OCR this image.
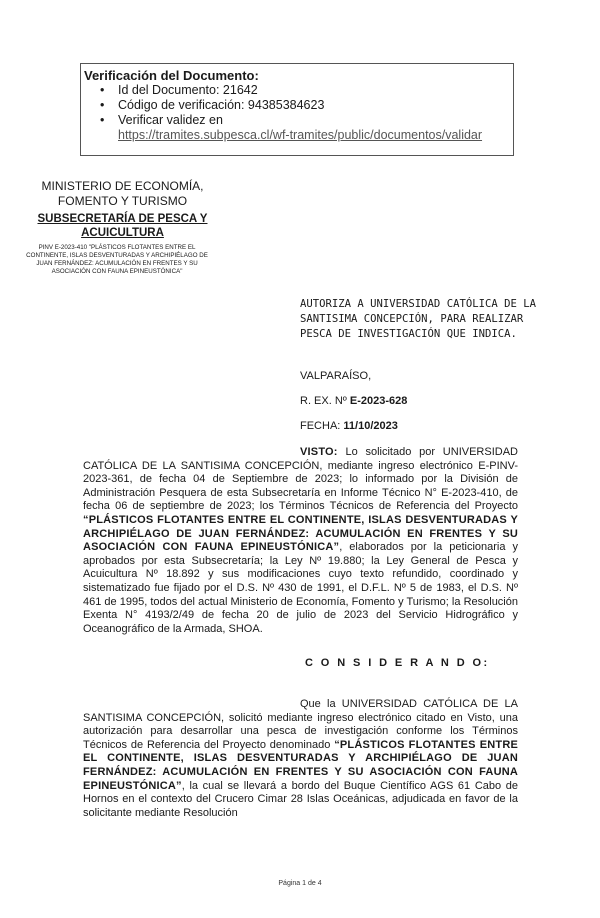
Verificación del Documento:
• Id del Documento: 21642
• Código de verificación: 94385384623
• Verificar validez en
https://tramites.subpesca.cl/wf-tramites/public/documentos/validar
MINISTERIO DE ECONOMÍA, FOMENTO Y TURISMO
SUBSECRETARÍA DE PESCA Y ACUICULTURA
PINV E-2023-410 "PLÁSTICOS FLOTANTES ENTRE EL CONTINENTE, ISLAS DESVENTURADAS Y ARCHIPIÉLAGO DE JUAN FERNÁNDEZ: ACUMULACIÓN EN FRENTES Y SU ASOCIACIÓN CON FAUNA EPINEUSTÓNICA"
AUTORIZA A UNIVERSIDAD CATÓLICA DE LA SANTISIMA CONCEPCIÓN, PARA REALIZAR PESCA DE INVESTIGACIÓN QUE INDICA.
VALPARAÍSO,
R. EX. Nº E-2023-628
FECHA: 11/10/2023
VISTO: Lo solicitado por UNIVERSIDAD CATÓLICA DE LA SANTISIMA CONCEPCIÓN, mediante ingreso electrónico E-PINV-2023-361, de fecha 04 de Septiembre de 2023; lo informado por la División de Administración Pesquera de esta Subsecretaría en Informe Técnico N° E-2023-410, de fecha 06 de septiembre de 2023; los Términos Técnicos de Referencia del Proyecto “PLÁSTICOS FLOTANTES ENTRE EL CONTINENTE, ISLAS DESVENTURADAS Y ARCHIPIÉLAGO DE JUAN FERNÁNDEZ: ACUMULACIÓN EN FRENTES Y SU ASOCIACIÓN CON FAUNA EPINEUSTÓNICA”, elaborados por la peticionaria y aprobados por esta Subsecretaría; la Ley Nº 19.880; la Ley General de Pesca y Acuicultura Nº 18.892 y sus modificaciones cuyo texto refundido, coordinado y sistematizado fue fijado por el D.S. Nº 430 de 1991, el D.F.L. Nº 5 de 1983, el D.S. Nº 461 de 1995, todos del actual Ministerio de Economía, Fomento y Turismo; la Resolución Exenta N° 4193/2/49 de fecha 20 de julio de 2023 del Servicio Hidrográfico y Oceanográfico de la Armada, SHOA.
C O N S I D E R A N D O:
Que la UNIVERSIDAD CATÓLICA DE LA SANTISIMA CONCEPCIÓN, solicitó mediante ingreso electrónico citado en Visto, una autorización para desarrollar una pesca de investigación conforme los Términos Técnicos de Referencia del Proyecto denominado “PLÁSTICOS FLOTANTES ENTRE EL CONTINENTE, ISLAS DESVENTURADAS Y ARCHIPIÉLAGO DE JUAN FERNÁNDEZ: ACUMULACIÓN EN FRENTES Y SU ASOCIACIÓN CON FAUNA EPINEUSTÓNICA”, la cual se llevará a bordo del Buque Científico AGS 61 Cabo de Hornos en el contexto del Crucero Cimar 28 Islas Oceánicas, adjudicada en favor de la solicitante mediante Resolución
Página 1 de 4
